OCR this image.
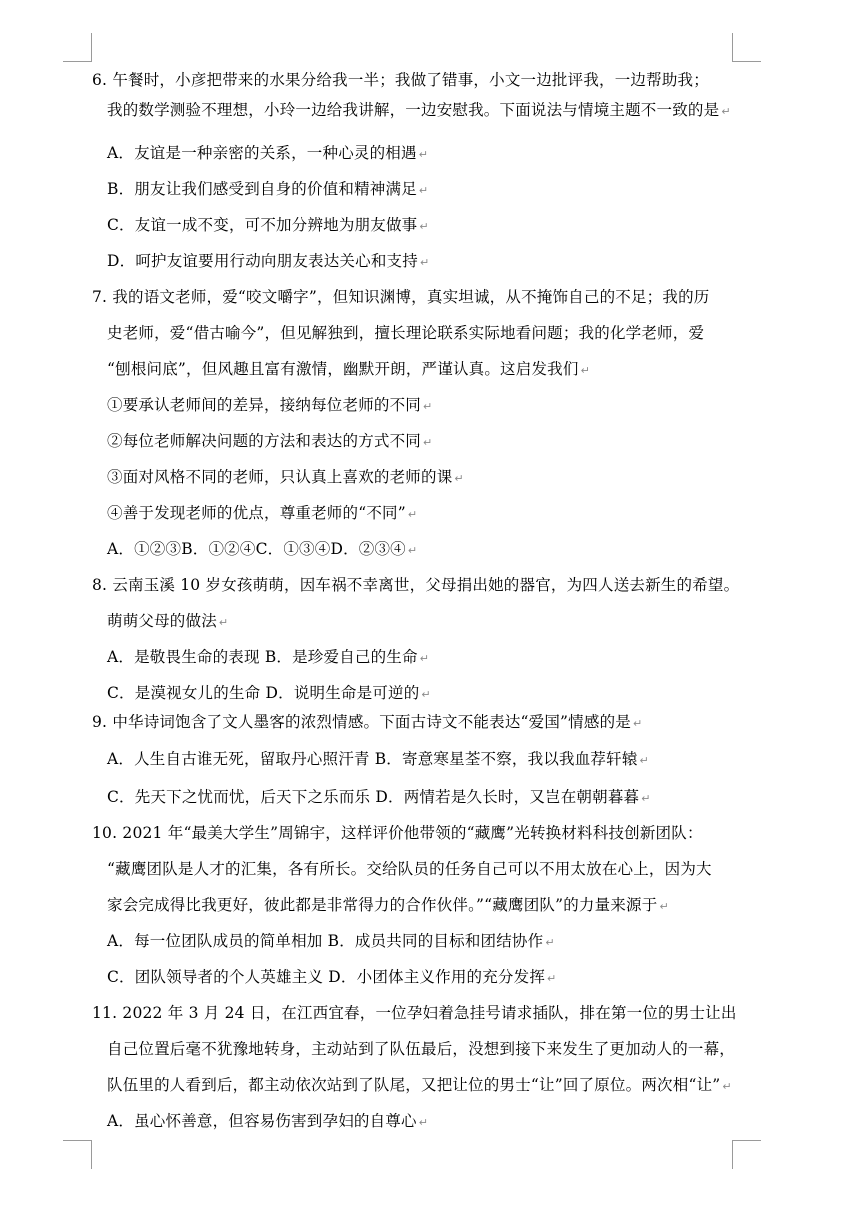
6. 午餐时，小彦把带来的水果分给我一半；我做了错事，小文一边批评我，一边帮助我；
我的数学测验不理想，小玲一边给我讲解，一边安慰我。下面说法与情境主题不一致的是 ↵
A．友谊是一种亲密的关系，一种心灵的相遇 ↵
B．朋友让我们感受到自身的价值和精神满足 ↵
C．友谊一成不变，可不加分辨地为朋友做事 ↵
D．呵护友谊要用行动向朋友表达关心和支持 ↵
7. 我的语文老师，爱“咬文嚼字”，但知识渊博，真实坦诚，从不掩饰自己的不足；我的历
史老师，爱“借古喻今”，但见解独到，擅长理论联系实际地看问题；我的化学老师，爱
“刨根问底”，但风趣且富有激情，幽默开朗，严谨认真。这启发我们 ↵
①要承认老师间的差异，接纳每位老师的不同 ↵
②每位老师解决问题的方法和表达的方式不同 ↵
③面对风格不同的老师，只认真上喜欢的老师的课 ↵
④善于发现老师的优点，尊重老师的“不同” ↵
A．①②③B．①②④C．①③④D．②③④ ↵
8. 云南玉溪 10 岁女孩萌萌，因车祸不幸离世，父母捐出她的器官，为四人送去新生的希望。
萌萌父母的做法 ↵
A．是敬畏生命的表现 B．是珍爱自己的生命 ↵
C．是漠视女儿的生命 D．说明生命是可逆的 ↵
9. 中华诗词饱含了文人墨客的浓烈情感。下面古诗文不能表达“爱国”情感的是 ↵
A．人生自古谁无死，留取丹心照汗青 B．寄意寒星荃不察，我以我血荐轩辕 ↵
C．先天下之忧而忧，后天下之乐而乐 D．两情若是久长时，又岂在朝朝暮暮 ↵
10. 2021 年“最美大学生”周锦宇，这样评价他带领的“藏鹰”光转换材料科技创新团队：
“藏鹰团队是人才的汇集，各有所长。交给队员的任务自己可以不用太放在心上，因为大
家会完成得比我更好，彼此都是非常得力的合作伙伴。”“藏鹰团队”的力量来源于 ↵
A．每一位团队成员的简单相加 B．成员共同的目标和团结协作 ↵
C．团队领导者的个人英雄主义 D．小团体主义作用的充分发挥 ↵
11. 2022 年 3 月 24 日，在江西宜春，一位孕妇着急挂号请求插队，排在第一位的男士让出
自己位置后毫不犹豫地转身，主动站到了队伍最后，没想到接下来发生了更加动人的一幕，
队伍里的人看到后，都主动依次站到了队尾，又把让位的男士“让”回了原位。两次相“让” ↵
A．虽心怀善意，但容易伤害到孕妇的自尊心 ↵
